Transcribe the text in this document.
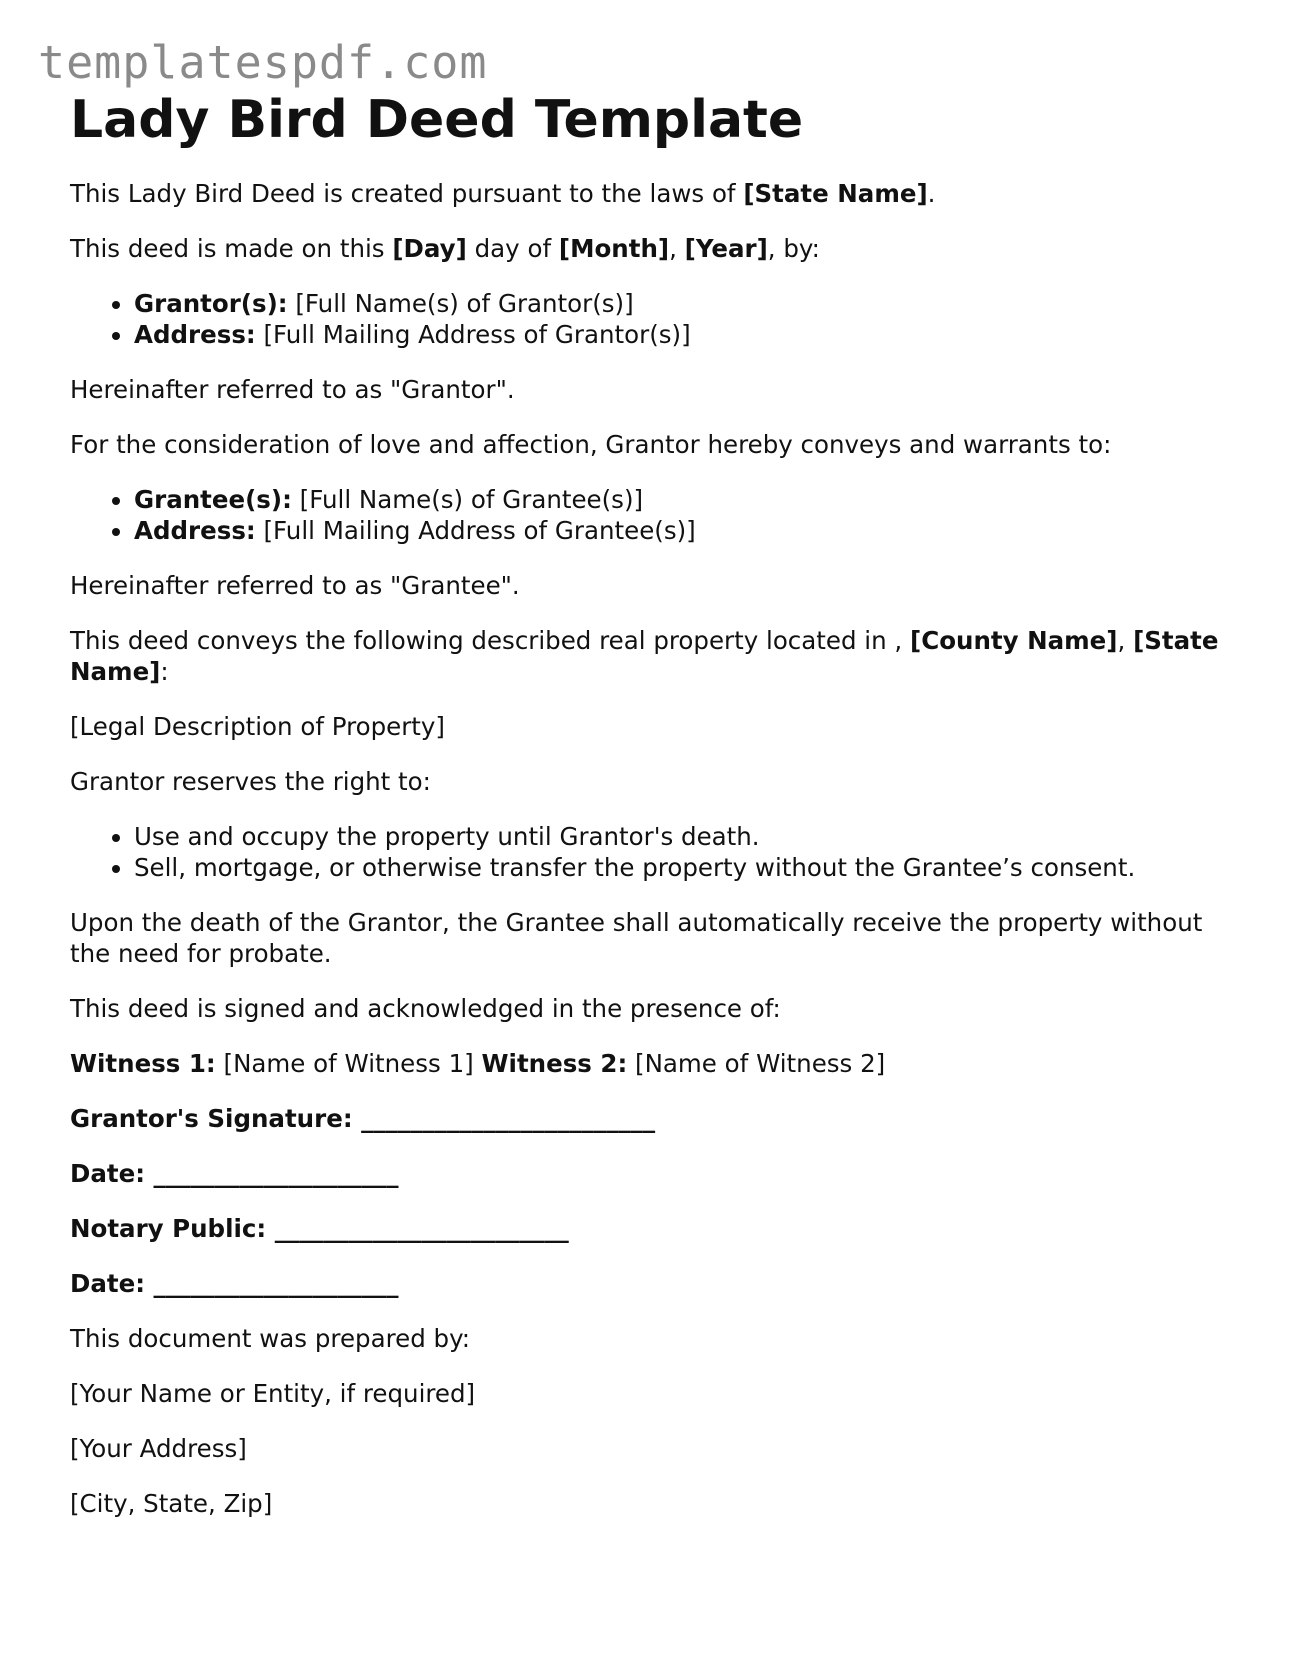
templatespdf.com
Lady Bird Deed Template

This Lady Bird Deed is created pursuant to the laws of [State Name].

This deed is made on this [Day] day of [Month], [Year], by:

• Grantor(s): [Full Name(s) of Grantor(s)]
• Address: [Full Mailing Address of Grantor(s)]

Hereinafter referred to as "Grantor".

For the consideration of love and affection, Grantor hereby conveys and warrants to:

• Grantee(s): [Full Name(s) of Grantee(s)]
• Address: [Full Mailing Address of Grantee(s)]

Hereinafter referred to as "Grantee".

This deed conveys the following described real property located in , [County Name], [State Name]:

[Legal Description of Property]

Grantor reserves the right to:

• Use and occupy the property until Grantor's death.
• Sell, mortgage, or otherwise transfer the property without the Grantee’s consent.

Upon the death of the Grantor, the Grantee shall automatically receive the property without the need for probate.

This deed is signed and acknowledged in the presence of:

Witness 1: [Name of Witness 1] Witness 2: [Name of Witness 2]

Grantor's Signature: ________________________

Date: ____________________

Notary Public: ________________________

Date: ____________________

This document was prepared by:

[Your Name or Entity, if required]

[Your Address]

[City, State, Zip]
